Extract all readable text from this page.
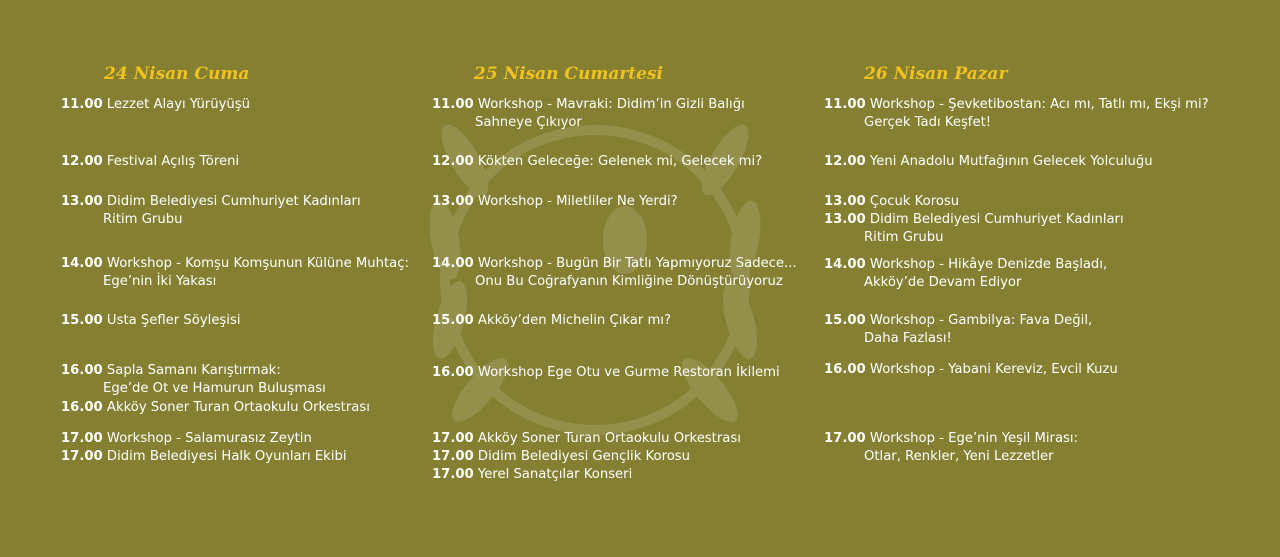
24 Nisan Cuma
11.00 Lezzet Alayı Yürüyüşü
12.00 Festival Açılış Töreni
13.00 Didim Belediyesi Cumhuriyet Kadınları
Ritim Grubu
14.00 Workshop - Komşu Komşunun Külüne Muhtaç:
Ege’nin İki Yakası
15.00 Usta Şefler Söyleşisi
16.00 Sapla Samanı Karıştırmak:
Ege’de Ot ve Hamurun Buluşması
16.00 Akköy Soner Turan Ortaokulu Orkestrası
17.00 Workshop - Salamurasız Zeytin
17.00 Didim Belediyesi Halk Oyunları Ekibi
25 Nisan Cumartesi
11.00 Workshop - Mavraki: Didim’in Gizli Balığı
Sahneye Çıkıyor
12.00 Kökten Geleceğe: Gelenek mi, Gelecek mi?
13.00 Workshop - Miletliler Ne Yerdi?
14.00 Workshop - Bugün Bir Tatlı Yapmıyoruz Sadece...
Onu Bu Coğrafyanın Kimliğine Dönüştürüyoruz
15.00 Akköy’den Michelin Çıkar mı?
16.00 Workshop Ege Otu ve Gurme Restoran İkilemi
17.00 Akköy Soner Turan Ortaokulu Orkestrası
17.00 Didim Belediyesi Gençlik Korosu
17.00 Yerel Sanatçılar Konseri
26 Nisan Pazar
11.00 Workshop - Şevketibostan: Acı mı, Tatlı mı, Ekşi mi?
Gerçek Tadı Keşfet!
12.00 Yeni Anadolu Mutfağının Gelecek Yolculuğu
13.00 Çocuk Korosu
13.00 Didim Belediyesi Cumhuriyet Kadınları
Ritim Grubu
14.00 Workshop - Hikâye Denizde Başladı,
Akköy’de Devam Ediyor
15.00 Workshop - Gambilya: Fava Değil,
Daha Fazlası!
16.00 Workshop - Yabani Kereviz, Evcil Kuzu
17.00 Workshop - Ege’nin Yeşil Mirası:
Otlar, Renkler, Yeni Lezzetler
